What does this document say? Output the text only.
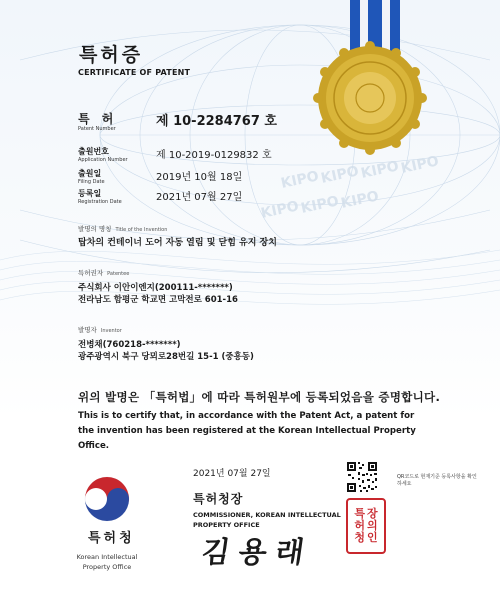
KIPO KIPO KIPO KIPO
KIPO KIPO KIPO
특허증
CERTIFICATE OF PATENT
특 허
Patent Number	제 10-2284767 호
출원번호
Application Number	제 10-2019-0129832 호
출원일
Filing Date	2019년 10월 18일
등록일
Registration Date	2021년 07월 27일
발명의 명칭 Title of the Invention
탑차의 컨테이너 도어 자동 열림 및 닫힘 유지 장치
특허권자 Patentee
주식회사 이안이엔지(200111-*******)
전라남도 함평군 학교면 고막전로 601-16
발명자 Inventor
전병채(760218-*******)
광주광역시 북구 당뫼로28번길 15-1 (중흥동)
위의 발명은 「특허법」에 따라 특허원부에 등록되었음을 증명합니다.
This is to certify that, in accordance with the Patent Act, a patent for the invention has been registered at the Korean Intellectual Property Office.
2021년 07월 27일
특허청장
COMMISSIONER, KOREAN INTELLECTUAL PROPERTY OFFICE
김용래
특허청
Korean Intellectual Property Office
QR코드로 현재기준 등록사항을 확인하세요
특
허
청
장
의
인
